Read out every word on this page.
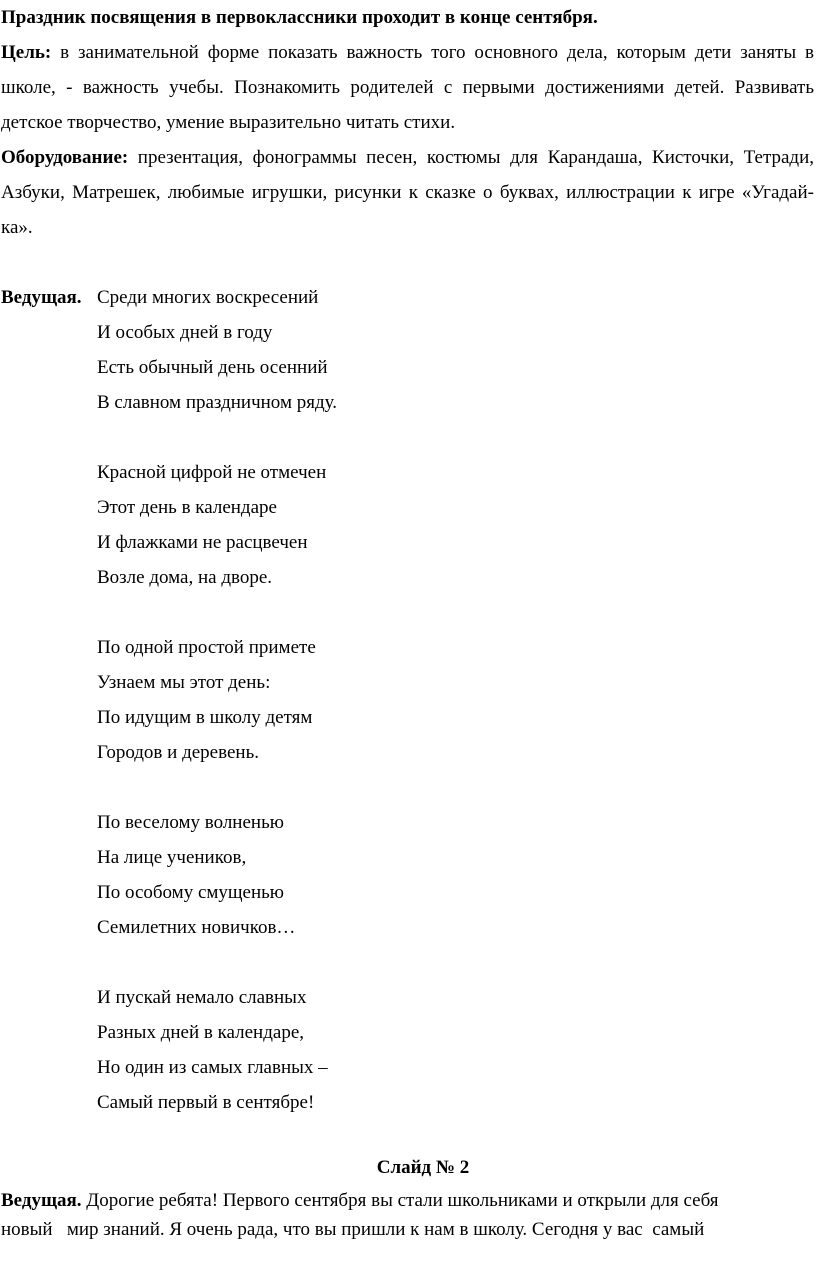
Праздник посвящения в первоклассники проходит в конце сентября.
Цель: в занимательной форме показать важность того основного дела, которым дети заняты в школе, - важность учебы. Познакомить родителей с первыми достижениями детей. Развивать детское творчество, умение выразительно читать стихи.
Оборудование: презентация, фонограммы песен, костюмы для Карандаша, Кисточки, Тетради, Азбуки, Матрешек, любимые игрушки, рисунки к сказке о буквах, иллюстрации к игре «Угадай-ка».
Ведущая. Среди многих воскресений
И особых дней в году
Есть обычный день осенний
В славном праздничном ряду.
Красной цифрой не отмечен
Этот день в календаре
И флажками не расцвечен
Возле дома, на дворе.
По одной простой примете
Узнаем мы этот день:
По идущим в школу детям
Городов и деревень.
По веселому волненью
На лице учеников,
По особому смущенью
Семилетних новичков…
И пускай немало славных
Разных дней в календаре,
Но один из самых главных –
Самый первый в сентябре!
Слайд № 2
Ведущая. Дорогие ребята! Первого сентября вы стали школьниками и открыли для себя
новый   мир знаний. Я очень рада, что вы пришли к нам в школу. Сегодня у вас  самый
